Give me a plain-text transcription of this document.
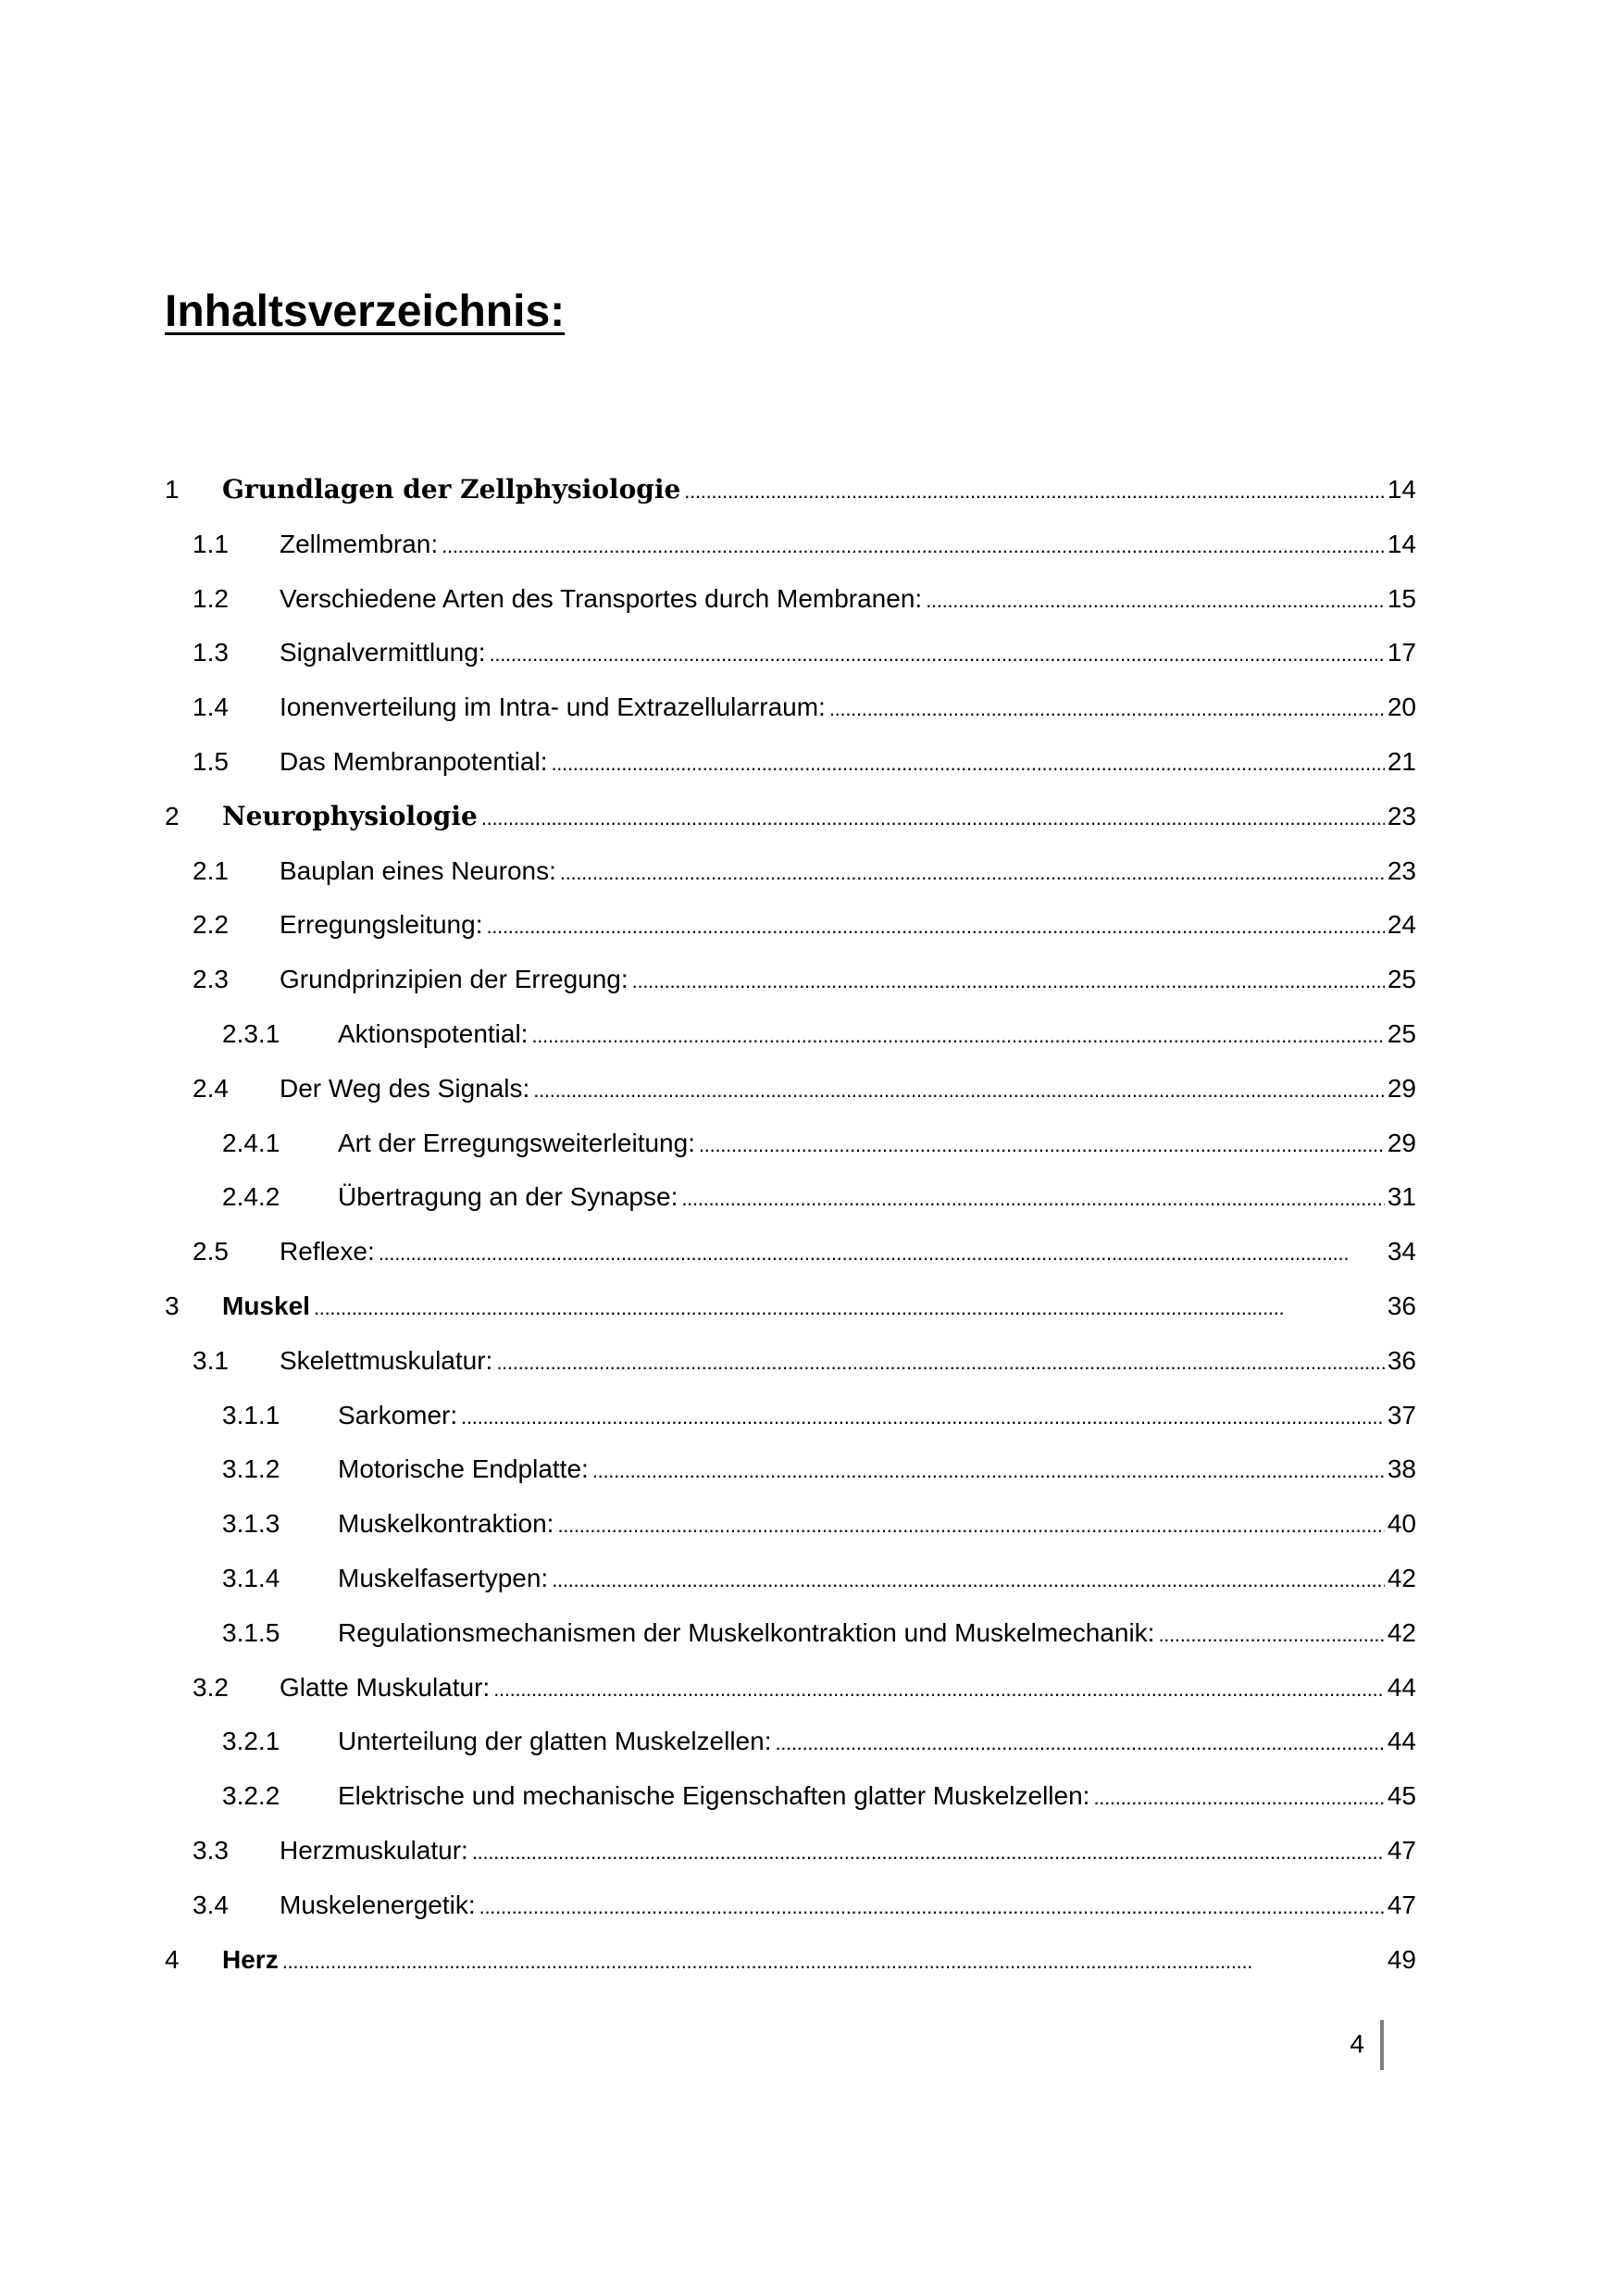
Inhaltsverzeichnis:
1	Grundlagen der Zellphysiologie . . .	14
1.1	Zellmembran: . . .	14
1.2	Verschiedene Arten des Transportes durch Membranen: . . .	15
1.3	Signalvermittlung: . . .	17
1.4	Ionenverteilung im Intra- und Extrazellularraum: . . .	20
1.5	Das Membranpotential: . . .	21
2	Neurophysiologie . . .	23
2.1	Bauplan eines Neurons: . . .	23
2.2	Erregungsleitung: . . .	24
2.3	Grundprinzipien der Erregung: . . .	25
2.3.1	Aktionspotential: . . .	25
2.4	Der Weg des Signals: . . .	29
2.4.1	Art der Erregungsweiterleitung: . . .	29
2.4.2	Übertragung an der Synapse: . . .	31
2.5	Reflexe: . . .	34
3	Muskel . . .	36
3.1	Skelettmuskulatur: . . .	36
3.1.1	Sarkomer: . . .	37
3.1.2	Motorische Endplatte: . . .	38
3.1.3	Muskelkontraktion: . . .	40
3.1.4	Muskelfasertypen: . . .	42
3.1.5	Regulationsmechanismen der Muskelkontraktion und Muskelmechanik: . . .	42
3.2	Glatte Muskulatur: . . .	44
3.2.1	Unterteilung der glatten Muskelzellen: . . .	44
3.2.2	Elektrische und mechanische Eigenschaften glatter Muskelzellen: . . .	45
3.3	Herzmuskulatur: . . .	47
3.4	Muskelenergetik: . . .	47
4	Herz . . .	49
4
